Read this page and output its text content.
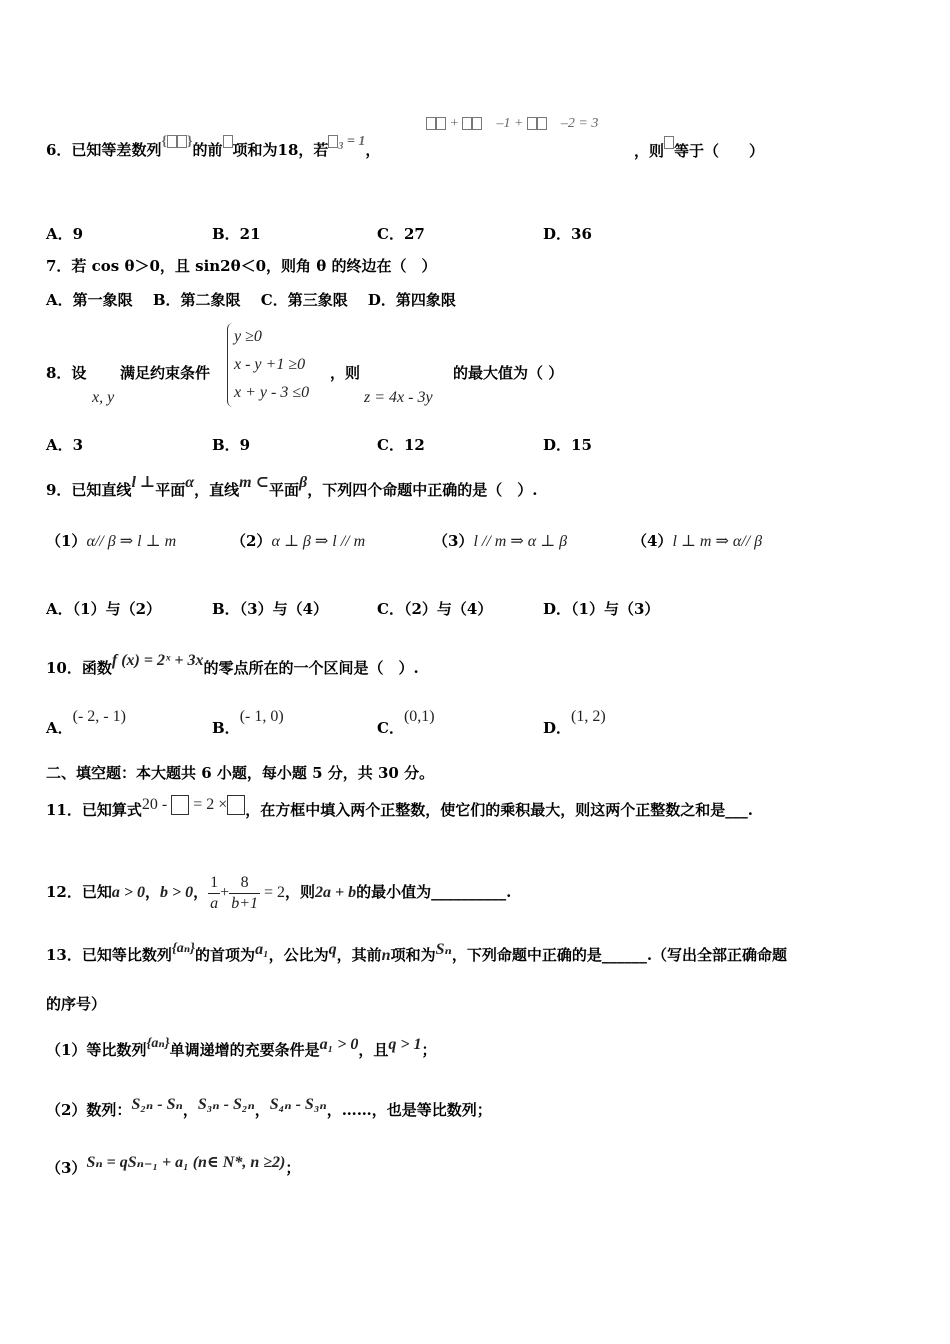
6．已知等差数列{ }的前 项和为18，若 $_3$ = 1，
+ 　	–1 + 　	–2 = 3
，则 等于（　　）
A．9	B．21	C．27	D．36
7．若 cos θ＞0，且 sin2θ＜0，则角 θ 的终边在（　）
A．第一象限　 B．第二象限　 C．第三象限　 D．第四象限
8．设
x, y
满足约束条件
y ≥0
x - y +1 ≥0
x + y - 3 ≤0
，则
z = 4x - 3y
的最大值为（ ）
A．3	B．9	C．12	D．15
9．已知直线l ⊥平面α，直线m ⊂平面β，下列四个命题中正确的是（　）.
（1）α// β ⇒ l ⊥ m	（2）α ⊥ β ⇒ l // m	（3）l // m ⇒ α ⊥ β	（4）l ⊥ m ⇒ α// β
A．（1）与（2）	B．（3）与（4）	C．（2）与（4）	D．（1）与（3）
10．函数f (x) = 2ˣ + 3x的零点所在的一个区间是（　）.
A．(- 2, - 1)
B．(- 1, 0)
C．(0,1)
D．(1, 2)
二、填空题：本大题共 6 小题，每小题 5 分，共 30 分。
11．已知算式20 - = 2 × ，在方框中填入两个正整数，使它们的乘积最大，则这两个正整数之和是___.
12．已知a > 0，b > 0， $\frac{1}{a} + \frac{8}{b+1} = 2$，则2a + b的最小值为__________.
13．已知等比数列{aₙ}的首项为a₁，公比为q，其前n项和为Sₙ，下列命题中正确的是______.（写出全部正确命题
的序号）
（1）等比数列{aₙ}单调递增的充要条件是a₁ > 0，且q > 1；
（2）数列：S₂ₙ - Sₙ，S₃ₙ - S₂ₙ，S₄ₙ - S₃ₙ，……，也是等比数列；
（3）Sₙ = qSₙ₋₁ + a₁ (n∈ N*, n ≥2)；
